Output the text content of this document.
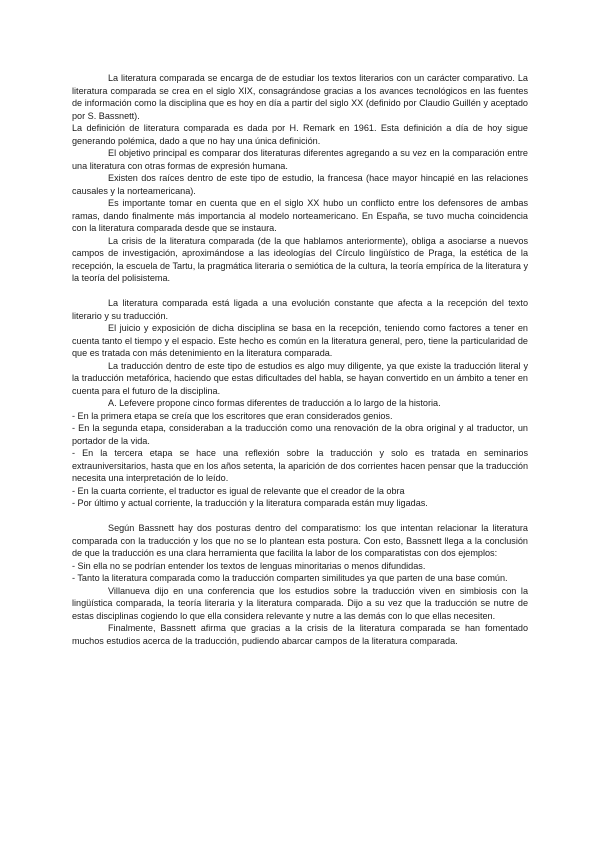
La literatura comparada se encarga de de estudiar los textos literarios con un carácter comparativo. La literatura comparada se crea en el siglo XIX, consagrándose gracias a los avances tecnológicos en las fuentes de información como la disciplina que es hoy en día a partir del siglo XX (definido por Claudio Guillén y aceptado por S. Bassnett).

La definición de literatura comparada es dada por H. Remark en 1961. Esta definición a día de hoy sigue generando polémica, dado a que no hay una única definición.

El objetivo principal es comparar dos literaturas diferentes agregando a su vez en la comparación entre una literatura con otras formas de expresión humana.

Existen dos raíces dentro de este tipo de estudio, la francesa (hace mayor hincapié en las relaciones causales y la norteamericana).

Es importante tomar en cuenta que en el siglo XX hubo un conflicto entre los defensores de ambas ramas, dando finalmente más importancia al modelo norteamericano. En España, se tuvo mucha coincidencia con la literatura comparada desde que se instaura.

La crisis de la literatura comparada (de la que hablamos anteriormente), obliga a asociarse a nuevos campos de investigación, aproximándose a las ideologías del Círculo lingüístico de Praga, la estética de la recepción, la escuela de Tartu, la pragmática literaria o semiótica de la cultura, la teoría empírica de la literatura y la teoría del polisistema.

La literatura comparada está ligada a una evolución constante que afecta a la recepción del texto literario y su traducción.

El juicio y exposición de dicha disciplina se basa en la recepción, teniendo como factores a tener en cuenta tanto el tiempo y el espacio. Este hecho es común en la literatura general, pero, tiene la particularidad de que es tratada con más detenimiento en la literatura comparada.

La traducción dentro de este tipo de estudios es algo muy diligente, ya que existe la traducción literal y la traducción metafórica, haciendo que estas dificultades del habla, se hayan convertido en un ámbito a tener en cuenta para el futuro de la disciplina.

A. Lefevere propone cinco formas diferentes de traducción a lo largo de la historia.

- En la primera etapa se creía que los escritores que eran considerados genios.

- En la segunda etapa, consideraban a la traducción como una renovación de la obra original y al traductor, un portador de la vida.

- En la tercera etapa se hace una reflexión sobre la traducción y solo es tratada en seminarios extrauniversitarios, hasta que en los años setenta, la aparición de dos corrientes hacen pensar que la traducción necesita una interpretación de lo leído.

- En la cuarta corriente, el traductor es igual de relevante que el creador de la obra

- Por último y actual corriente, la traducción y la literatura comparada están muy ligadas.

Según Bassnett hay dos posturas dentro del comparatismo: los que intentan relacionar la literatura comparada con la traducción y los que no se lo plantean esta postura. Con esto, Bassnett llega a la conclusión de que la traducción es una clara herramienta que facilita la labor de los comparatistas con dos ejemplos:

- Sin ella no se podrían entender los textos de lenguas minoritarias o menos difundidas.

- Tanto la literatura comparada como la traducción comparten similitudes ya que parten de una base común.

Villanueva dijo en una conferencia que los estudios sobre la traducción viven en simbiosis con la lingüística comparada, la teoría literaria y la literatura comparada. Dijo a su vez que la traducción se nutre de estas disciplinas cogiendo lo que ella considera relevante y nutre a las demás con lo que ellas necesiten.

Finalmente, Bassnett afirma que gracias a la crisis de la literatura comparada se han fomentado muchos estudios acerca de la traducción, pudiendo abarcar campos de la literatura comparada.
